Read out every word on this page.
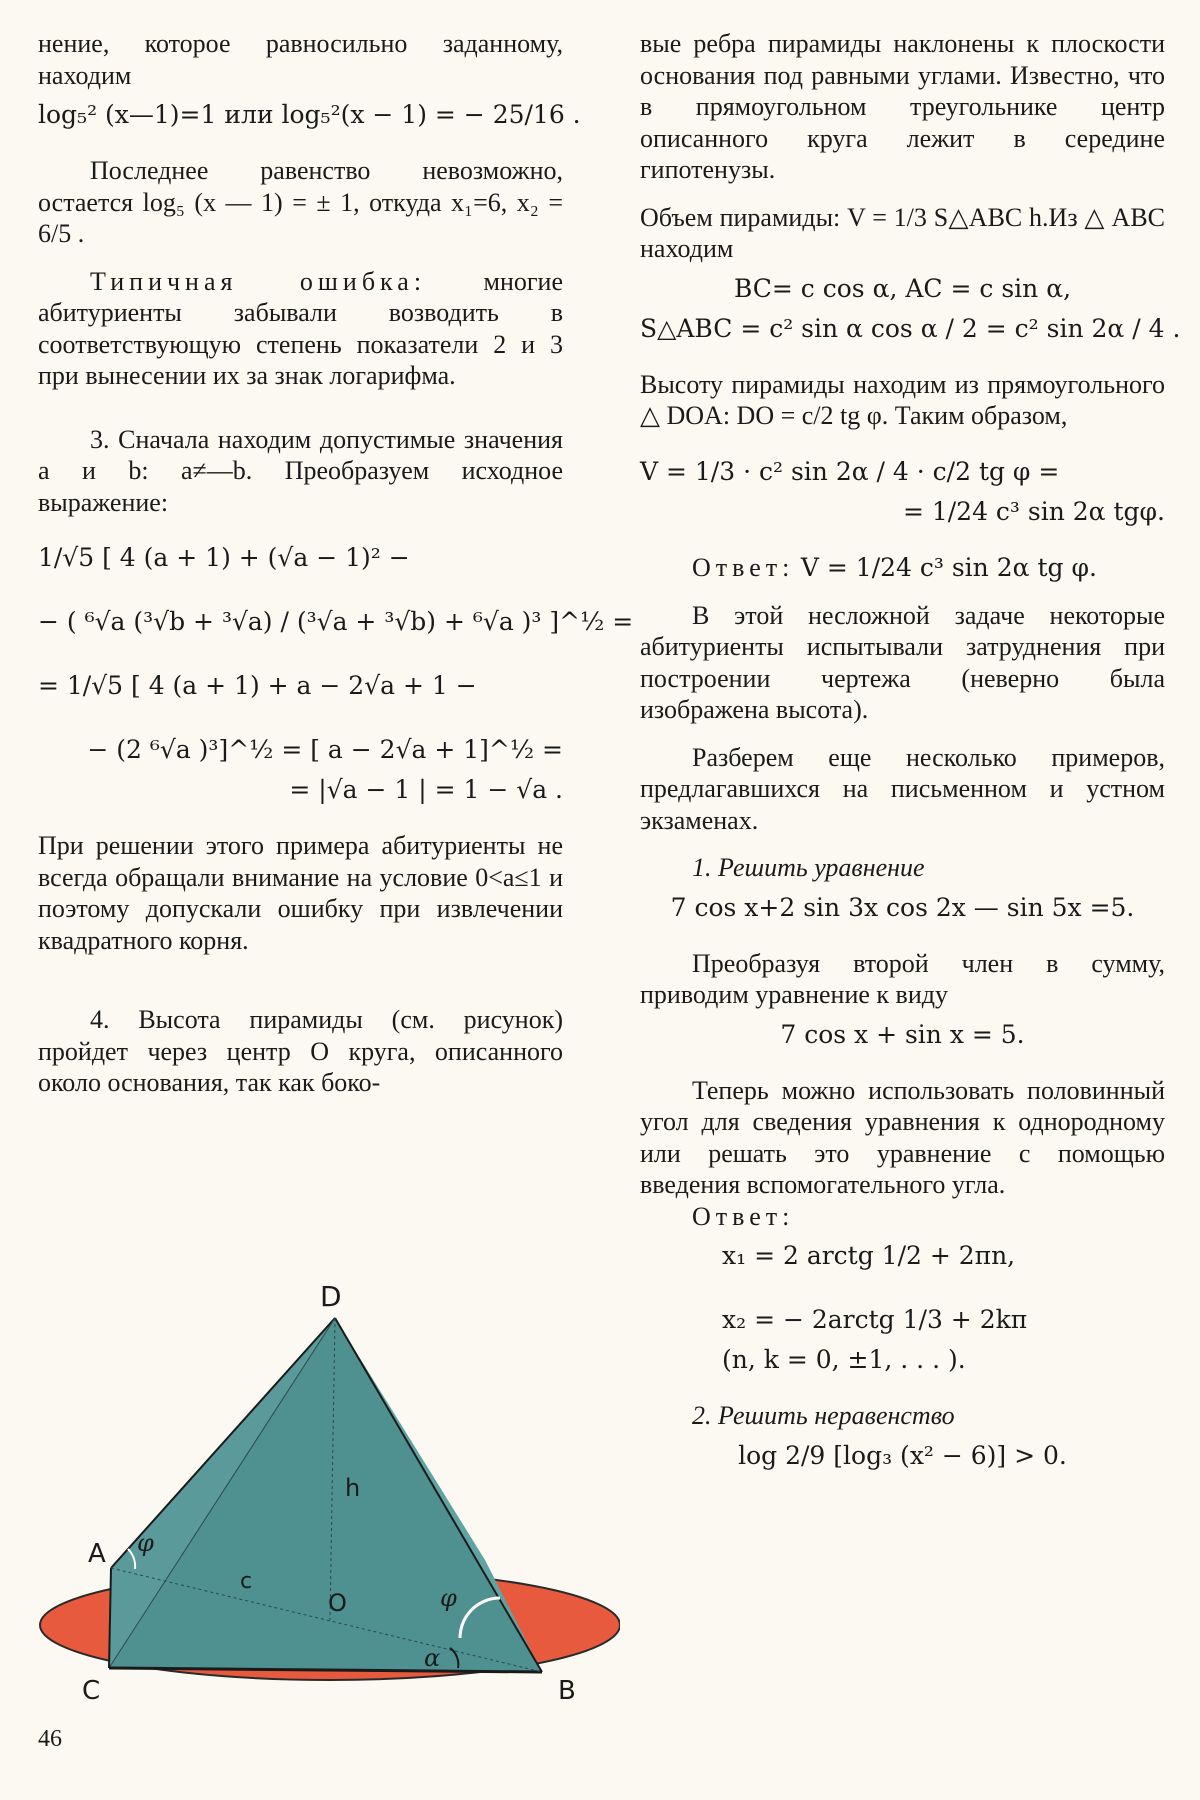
нение, которое равносильно заданному, находим

log₅² (x—1)=1 или log₅²(x − 1) = − 25/16 .

Последнее равенство невозможно, остается log₅ (x — 1) = ± 1, откуда x₁=6, x₂ = 6/5 .

Типичная ошибка: многие абитуриенты забывали возводить в соответствующую степень показатели 2 и 3 при вынесении их за знак логарифма.

3. Сначала находим допустимые значения a и b: a≠—b. Преобразуем исходное выражение:

1/√5 [ 4 (a + 1) + (√a − 1)² −
− ( ⁶√a (³√b + ³√a) / (³√a + ³√b) + ⁶√a )³ ]^½ =
= 1/√5 [ 4 (a + 1) + a − 2√a + 1 −
− (2 ⁶√a )³]^½ = [ a − 2√a + 1]^½ =
= |√a − 1 | = 1 − √a .

При решении этого примера абитуриенты не всегда обращали внимание на условие 0<a≤1 и поэтому допускали ошибку при извлечении квадратного корня.

4. Высота пирамиды (см. рисунок) пройдет через центр O круга, описанного около основания, так как боко-

вые ребра пирамиды наклонены к плоскости основания под равными углами. Известно, что в прямоугольном треугольнике центр описанного круга лежит в середине гипотенузы.

Объем пирамиды: V = 1/3 S△ABC h.Из △ ABC находим

BC= c cos α, AC = c sin α,
S△ABC = c² sin α cos α / 2 = c² sin 2α / 4 .

Высоту пирамиды находим из прямоугольного △ DOA: DO = c/2 tg φ. Таким образом,

V = 1/3 · c² sin 2α / 4 · c/2 tg φ =
= 1/24 c³ sin 2α tgφ.

Ответ: V = 1/24 c³ sin 2α tg φ.

В этой несложной задаче некоторые абитуриенты испытывали затруднения при построении чертежа (неверно была изображена высота).

Разберем еще несколько примеров, предлагавшихся на письменном и устном экзаменах.

1. Решить уравнение

7 cos x+2 sin 3x cos 2x — sin 5x =5.

Преобразуя второй член в сумму, приводим уравнение к виду

7 cos x + sin x = 5.

Теперь можно использовать половинный угол для сведения уравнения к однородному или решать это уравнение с помощью введения вспомогательного угла.

Ответ:

x₁ = 2 arctg 1/2 + 2πn,
x₂ = − 2arctg 1/3 + 2kπ
(n, k = 0, ±1, . . . ).

2. Решить неравенство

log 2/9 [log₃ (x² − 6)] > 0.
D
A
C	B
O
h
c
φ
φ
α
46
